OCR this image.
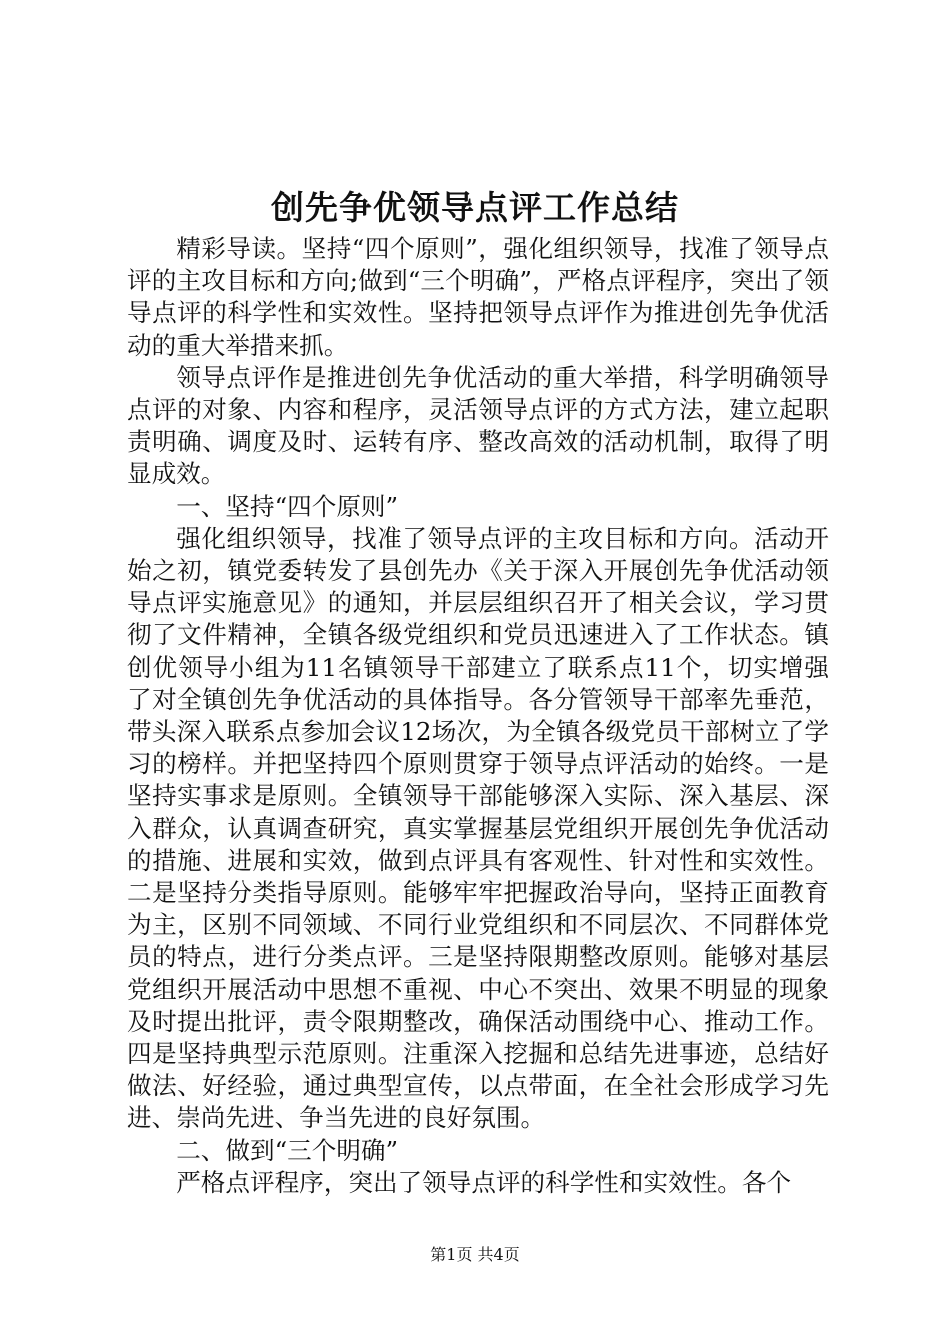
创先争优领导点评工作总结

精彩导读。坚持“四个原则”，强化组织领导，找准了领导点评的主攻目标和方向;做到“三个明确”，严格点评程序，突出了领导点评的科学性和实效性。坚持把领导点评作为推进创先争优活动的重大举措来抓。

领导点评作是推进创先争优活动的重大举措，科学明确领导点评的对象、内容和程序，灵活领导点评的方式方法，建立起职责明确、调度及时、运转有序、整改高效的活动机制，取得了明显成效。

一、坚持“四个原则”

强化组织领导，找准了领导点评的主攻目标和方向。活动开始之初，镇党委转发了县创先办《关于深入开展创先争优活动领导点评实施意见》的通知，并层层组织召开了相关会议，学习贯彻了文件精神，全镇各级党组织和党员迅速进入了工作状态。镇创优领导小组为11名镇领导干部建立了联系点11个，切实增强了对全镇创先争优活动的具体指导。各分管领导干部率先垂范，带头深入联系点参加会议12场次，为全镇各级党员干部树立了学习的榜样。并把坚持四个原则贯穿于领导点评活动的始终。一是坚持实事求是原则。全镇领导干部能够深入实际、深入基层、深入群众，认真调查研究，真实掌握基层党组织开展创先争优活动的措施、进展和实效，做到点评具有客观性、针对性和实效性。二是坚持分类指导原则。能够牢牢把握政治导向，坚持正面教育为主，区别不同领域、不同行业党组织和不同层次、不同群体党员的特点，进行分类点评。三是坚持限期整改原则。能够对基层党组织开展活动中思想不重视、中心不突出、效果不明显的现象及时提出批评，责令限期整改，确保活动围绕中心、推动工作。四是坚持典型示范原则。注重深入挖掘和总结先进事迹，总结好做法、好经验，通过典型宣传，以点带面，在全社会形成学习先进、崇尚先进、争当先进的良好氛围。

二、做到“三个明确”

严格点评程序，突出了领导点评的科学性和实效性。各个

第1页 共4页
